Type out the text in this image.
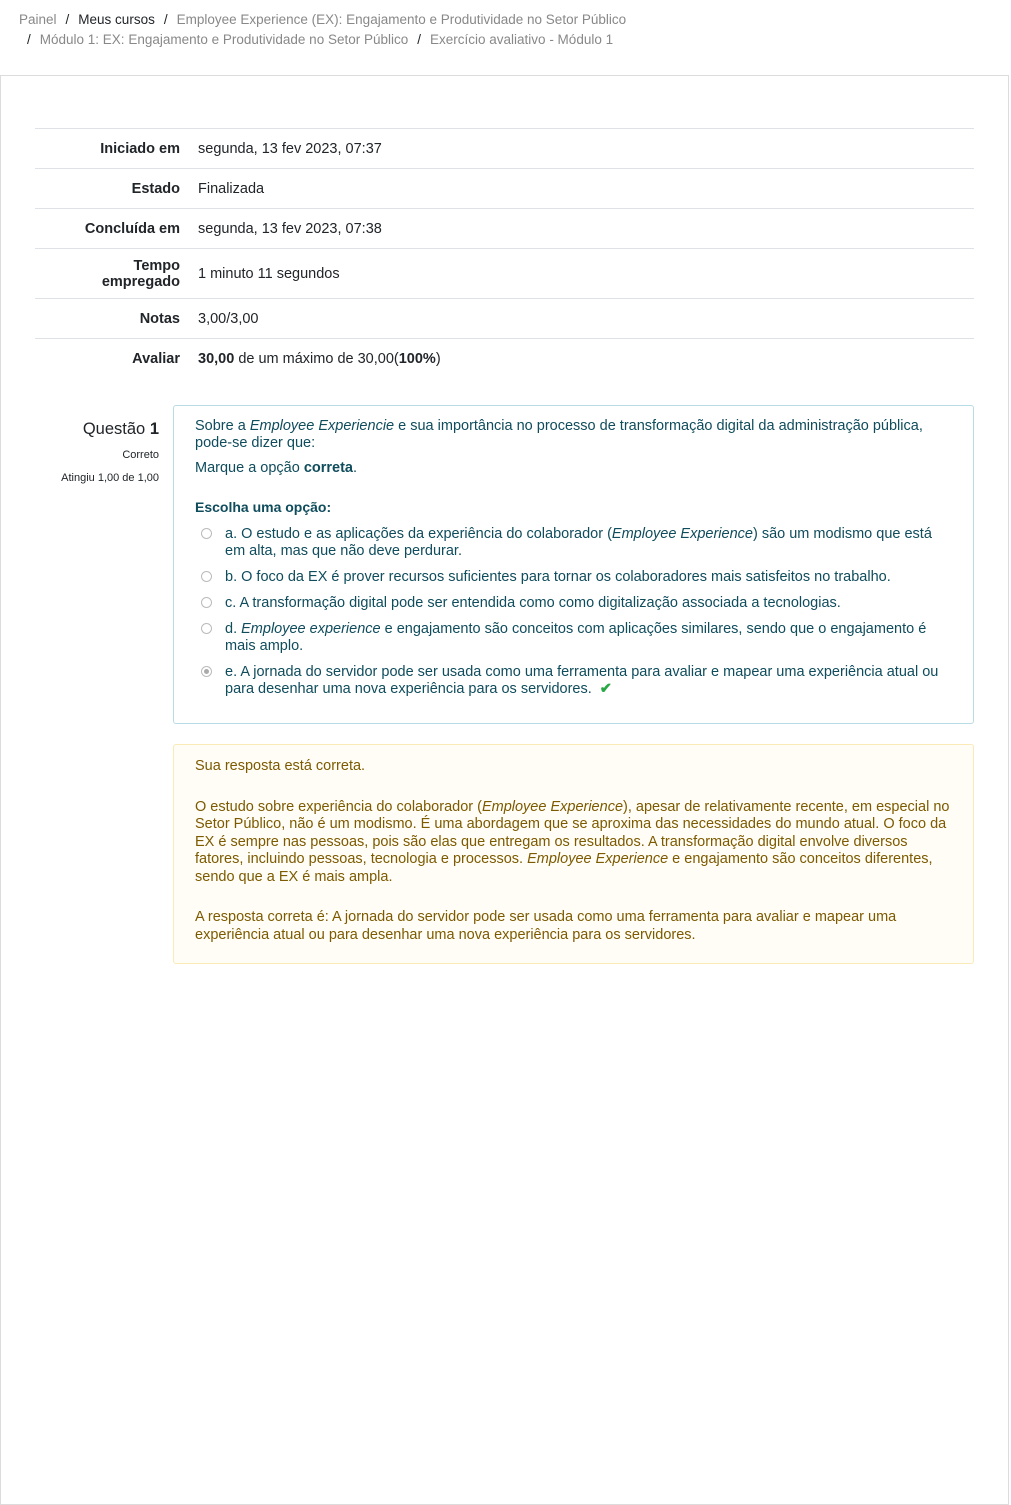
Painel / Meus cursos / Employee Experience (EX): Engajamento e Produtividade no Setor Público
/ Módulo 1: EX: Engajamento e Produtividade no Setor Público / Exercício avaliativo - Módulo 1
Iniciado em	segunda, 13 fev 2023, 07:37
Estado	Finalizada
Concluída em	segunda, 13 fev 2023, 07:38

Tempo
empregado	1 minuto 11 segundos
Notas	3,00/3,00
Avaliar	30,00 de um máximo de 30,00(100%)
Questão 1
Correto
Atingiu 1,00 de 1,00

Sobre a Employee Experiencie e sua importância no processo de transformação digital da administração pública, pode-se dizer que:

Marque a opção correta.

Escolha uma opção:
a. O estudo e as aplicações da experiência do colaborador (Employee Experience) são um modismo que está em alta, mas que não deve perdurar.
b. O foco da EX é prover recursos suficientes para tornar os colaboradores mais satisfeitos no trabalho.
c. A transformação digital pode ser entendida como como digitalização associada a tecnologias.
d. Employee experience e engajamento são conceitos com aplicações similares, sendo que o engajamento é mais amplo.
e. A jornada do servidor pode ser usada como uma ferramenta para avaliar e mapear uma experiência atual ou para desenhar uma nova experiência para os servidores. ✔

Sua resposta está correta.

O estudo sobre experiência do colaborador (Employee Experience), apesar de relativamente recente, em especial no Setor Público, não é um modismo. É uma abordagem que se aproxima das necessidades do mundo atual. O foco da EX é sempre nas pessoas, pois são elas que entregam os resultados. A transformação digital envolve diversos fatores, incluindo pessoas, tecnologia e processos. Employee Experience e engajamento são conceitos diferentes, sendo que a EX é mais ampla.

A resposta correta é: A jornada do servidor pode ser usada como uma ferramenta para avaliar e mapear uma experiência atual ou para desenhar uma nova experiência para os servidores.
